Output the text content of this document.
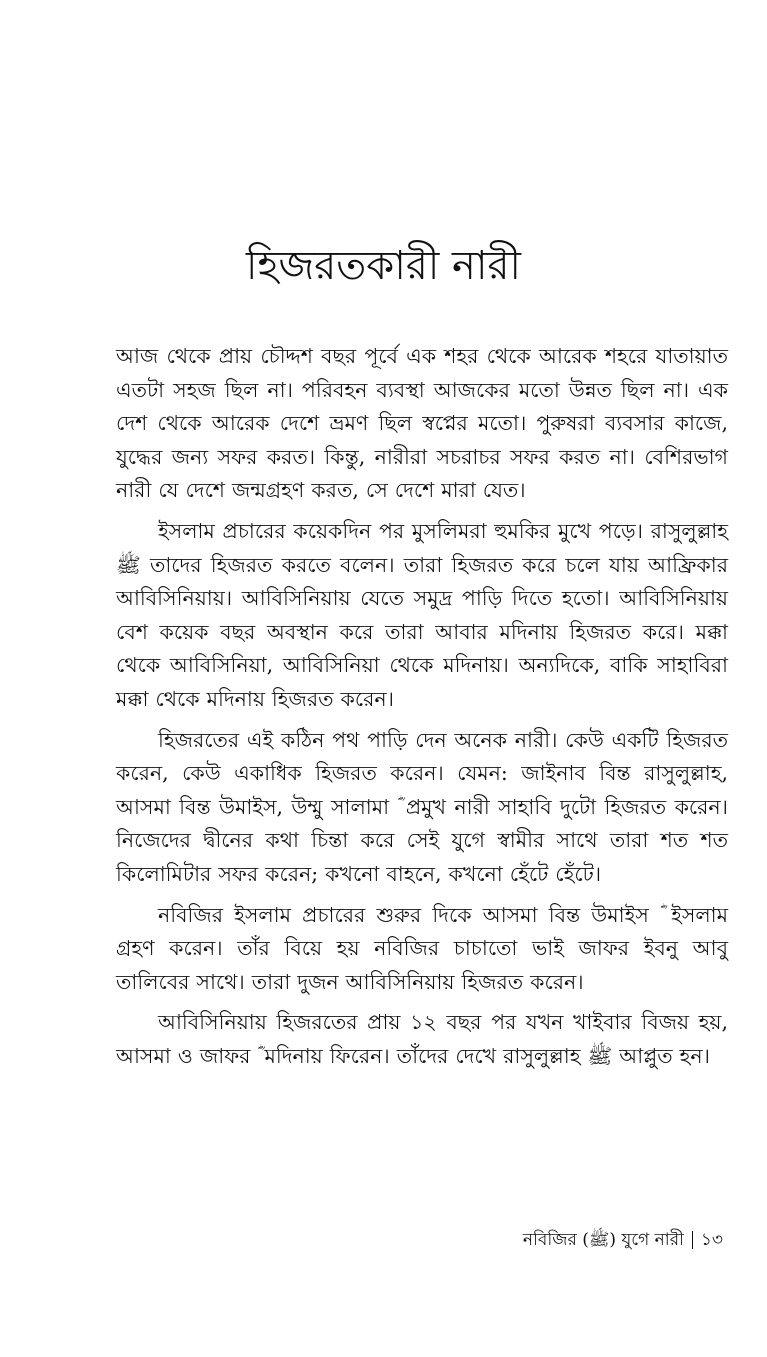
হিজরতকারী নারী

আজ থেকে প্রায় চৌদ্দশ বছর পূর্বে এক শহর থেকে আরেক শহরে যাতায়াত এতটা সহজ ছিল না। পরিবহন ব্যবস্থা আজকের মতো উন্নত ছিল না। এক দেশ থেকে আরেক দেশে ভ্রমণ ছিল স্বপ্নের মতো। পুরুষরা ব্যবসার কাজে, যুদ্ধের জন্য সফর করত। কিন্তু, নারীরা সচরাচর সফর করত না। বেশিরভাগ নারী যে দেশে জন্মগ্রহণ করত, সে দেশে মারা যেত।

ইসলাম প্রচারের কয়েকদিন পর মুসলিমরা হুমকির মুখে পড়ে। রাসুলুল্লাহ ﷺ তাদের হিজরত করতে বলেন। তারা হিজরত করে চলে যায় আফ্রিকার আবিসিনিয়ায়। আবিসিনিয়ায় যেতে সমুদ্র পাড়ি দিতে হতো। আবিসিনিয়ায় বেশ কয়েক বছর অবস্থান করে তারা আবার মদিনায় হিজরত করে। মক্কা থেকে আবিসিনিয়া, আবিসিনিয়া থেকে মদিনায়। অন্যদিকে, বাকি সাহাবিরা মক্কা থেকে মদিনায় হিজরত করেন।

হিজরতের এই কঠিন পথ পাড়ি দেন অনেক নারী। কেউ একটি হিজরত করেন, কেউ একাধিক হিজরত করেন। যেমন: জাইনাব বিন্ত রাসুলুল্লাহ, আসমা বিন্ত উমাইস, উম্মু সালামা ؓ প্রমুখ নারী সাহাবি দুটো হিজরত করেন। নিজেদের দ্বীনের কথা চিন্তা করে সেই যুগে স্বামীর সাথে তারা শত শত কিলোমিটার সফর করেন; কখনো বাহনে, কখনো হেঁটে হেঁটে।

নবিজির ইসলাম প্রচারের শুরুর দিকে আসমা বিন্ত উমাইস ؓ ইসলাম গ্রহণ করেন। তাঁর বিয়ে হয় নবিজির চাচাতো ভাই জাফর ইবনু আবু তালিবের সাথে। তারা দুজন আবিসিনিয়ায় হিজরত করেন।

আবিসিনিয়ায় হিজরতের প্রায় ১২ বছর পর যখন খাইবার বিজয় হয়, আসমা ও জাফর ؓ মদিনায় ফিরেন। তাঁদের দেখে রাসুলুল্লাহ ﷺ আপ্লুত হন।

নবিজির (ﷺ) যুগে নারী ১৩
